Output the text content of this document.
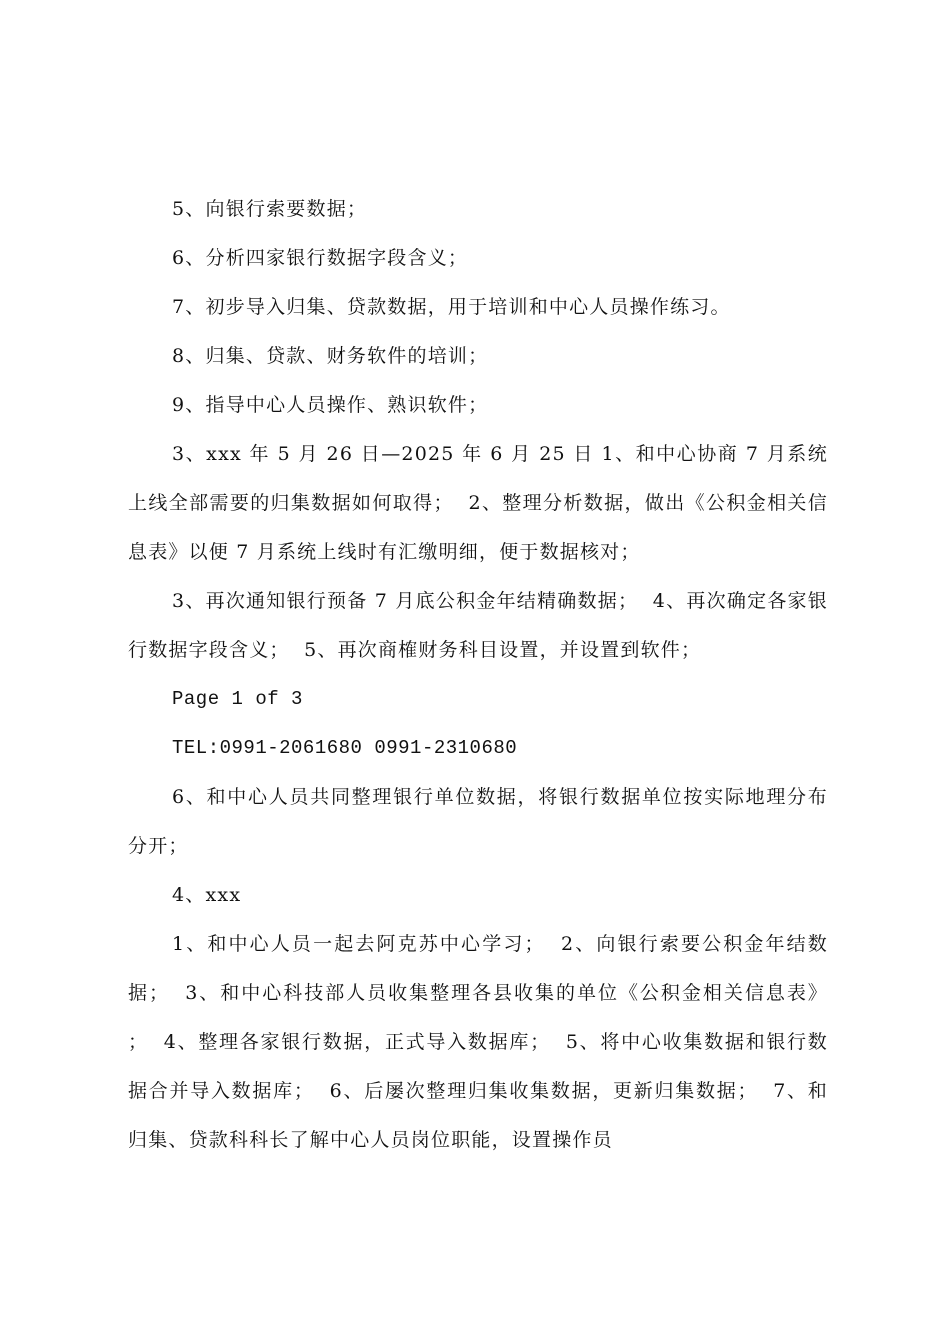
5、向银行索要数据；

6、分析四家银行数据字段含义；

7、初步导入归集、贷款数据，用于培训和中心人员操作练习。

8、归集、贷款、财务软件的培训；

9、指导中心人员操作、熟识软件；

3、xxx 年 5 月 26 日—2025 年 6 月 25 日 1、和中心协商 7 月系统上线全部需要的归集数据如何取得；  2、整理分析数据，做出《公积金相关信息表》以便 7 月系统上线时有汇缴明细，便于数据核对；

3、再次通知银行预备 7 月底公积金年结精确数据；  4、再次确定各家银行数据字段含义；  5、再次商榷财务科目设置，并设置到软件；

Page 1 of 3

TEL:0991-2061680 0991-2310680

6、和中心人员共同整理银行单位数据，将银行数据单位按实际地理分布分开；

4、xxx

1、和中心人员一起去阿克苏中心学习；  2、向银行索要公积金年结数据；  3、和中心科技部人员收集整理各县收集的单位《公积金相关信息表》 ；  4、整理各家银行数据，正式导入数据库；  5、将中心收集数据和银行数据合并导入数据库；  6、后屡次整理归集收集数据，更新归集数据；  7、和归集、贷款科科长了解中心人员岗位职能，设置操作员
